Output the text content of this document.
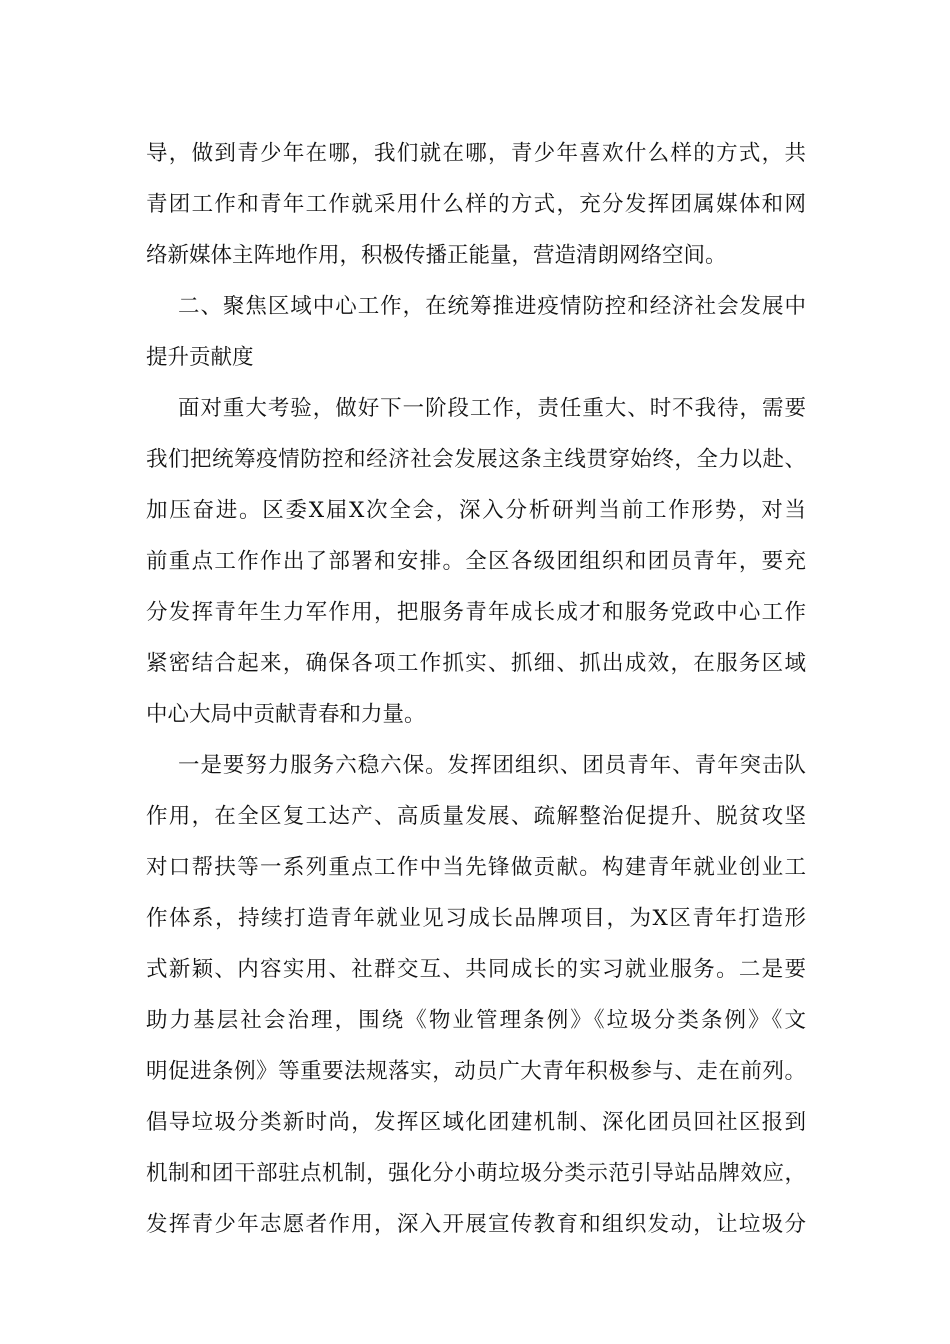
导，做到青少年在哪，我们就在哪，青少年喜欢什么样的方式，共
青团工作和青年工作就采用什么样的方式，充分发挥团属媒体和网
络新媒体主阵地作用，积极传播正能量，营造清朗网络空间。
二、聚焦区域中心工作，在统筹推进疫情防控和经济社会发展中
提升贡献度
面对重大考验，做好下一阶段工作，责任重大、时不我待，需要
我们把统筹疫情防控和经济社会发展这条主线贯穿始终，全力以赴、
加压奋进。区委X届X次全会，深入分析研判当前工作形势，对当
前重点工作作出了部署和安排。全区各级团组织和团员青年，要充
分发挥青年生力军作用，把服务青年成长成才和服务党政中心工作
紧密结合起来，确保各项工作抓实、抓细、抓出成效，在服务区域
中心大局中贡献青春和力量。
一是要努力服务六稳六保。发挥团组织、团员青年、青年突击队
作用，在全区复工达产、高质量发展、疏解整治促提升、脱贫攻坚
对口帮扶等一系列重点工作中当先锋做贡献。构建青年就业创业工
作体系，持续打造青年就业见习成长品牌项目，为X区青年打造形
式新颖、内容实用、社群交互、共同成长的实习就业服务。二是要
助力基层社会治理，围绕《物业管理条例》《垃圾分类条例》《文
明促进条例》等重要法规落实，动员广大青年积极参与、走在前列。
倡导垃圾分类新时尚，发挥区域化团建机制、深化团员回社区报到
机制和团干部驻点机制，强化分小萌垃圾分类示范引导站品牌效应，
发挥青少年志愿者作用，深入开展宣传教育和组织发动，让垃圾分
